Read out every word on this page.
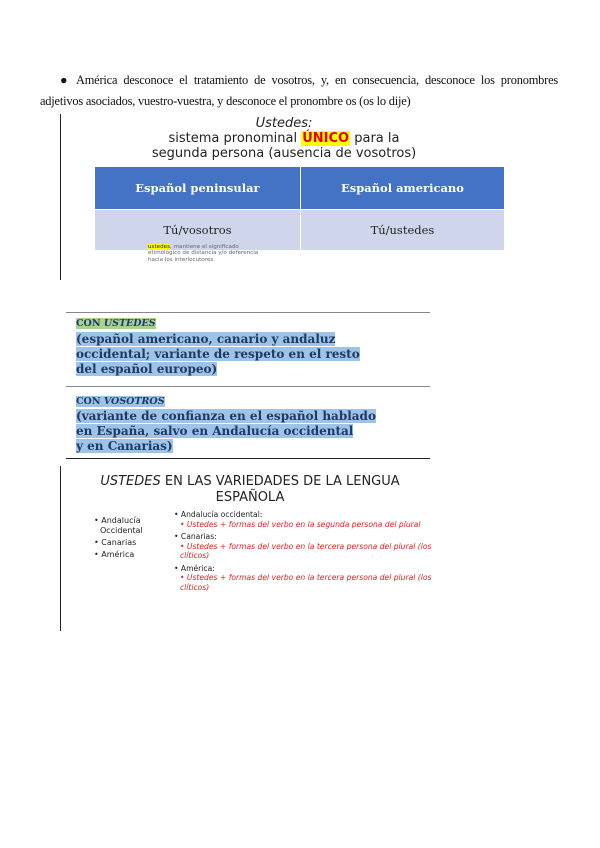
● América desconoce el tratamiento de vosotros, y, en consecuencia, desconoce los pronombres adjetivos asociados, vuestro-vuestra, y desconoce el pronombre os (os lo dije)
Ustedes:
sistema pronominal ÚNICO para la
segunda persona (ausencia de vosotros)
Español peninsular	Español americano
Tú/vosotros	Tú/ustedes
ustedes, mantiene el significado etimológico de distancia y/o deferencia hacia los interlocutores.
CON USTEDES
(español americano, canario y andaluz
occidental; variante de respeto en el resto
del español europeo)
CON VOSOTROS
(variante de confianza en el español hablado
en España, salvo en Andalucía occidental
y en Canarias)
USTEDES EN LAS VARIEDADES DE LA LENGUA
ESPAÑOLA
• Andalucía
Occidental
• Canarias
• América
• Andalucía occidental:
• Ustedes + formas del verbo en la segunda persona del plural
• Canarias:
• Ustedes + formas del verbo en la tercera persona del plural (los clíticos)
• América:
• Ustedes + formas del verbo en la tercera persona del plural (los clíticos)
